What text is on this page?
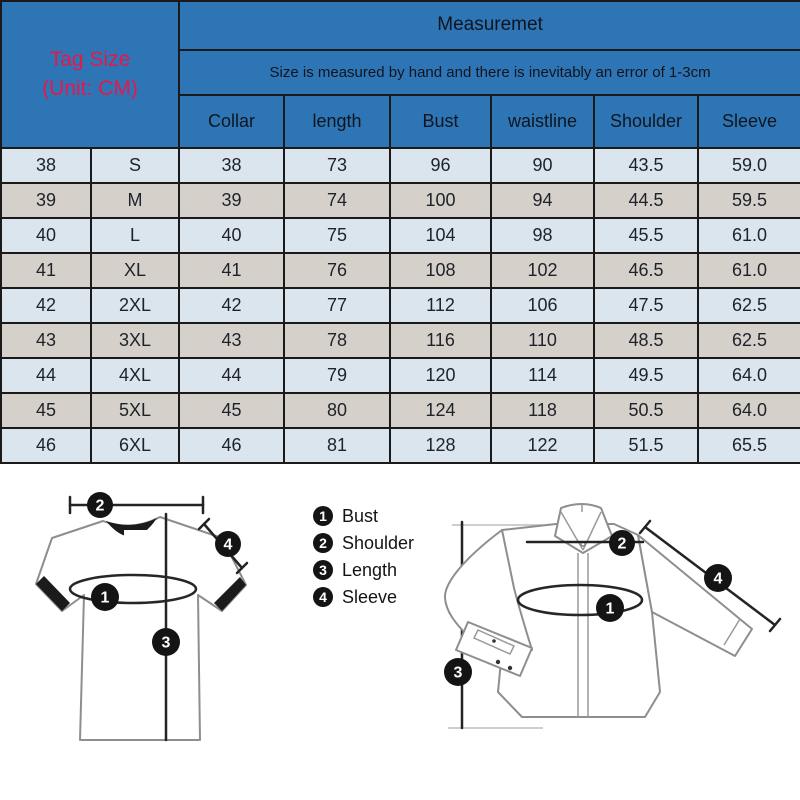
Tag Size
(Unit: CM)		Measuremet					
		Size is measured by hand and there is inevitably an error of 1-3cm					
		Collar	length	Bust	waistline	Shoulder	Sleeve
38	S	38	73	96	90	43.5	59.0
39	M	39	74	100	94	44.5	59.5
40	L	40	75	104	98	45.5	61.0
41	XL	41	76	108	102	46.5	61.0
42	2XL	42	77	112	106	47.5	62.5
43	3XL	43	78	116	110	48.5	62.5
44	4XL	44	79	120	114	49.5	64.0
45	5XL	45	80	124	118	50.5	64.0
46	6XL	46	81	128	122	51.5	65.5
2
4
1
3
2
4
1
3
1 Bust
2 Shoulder
3 Length
4 Sleeve
